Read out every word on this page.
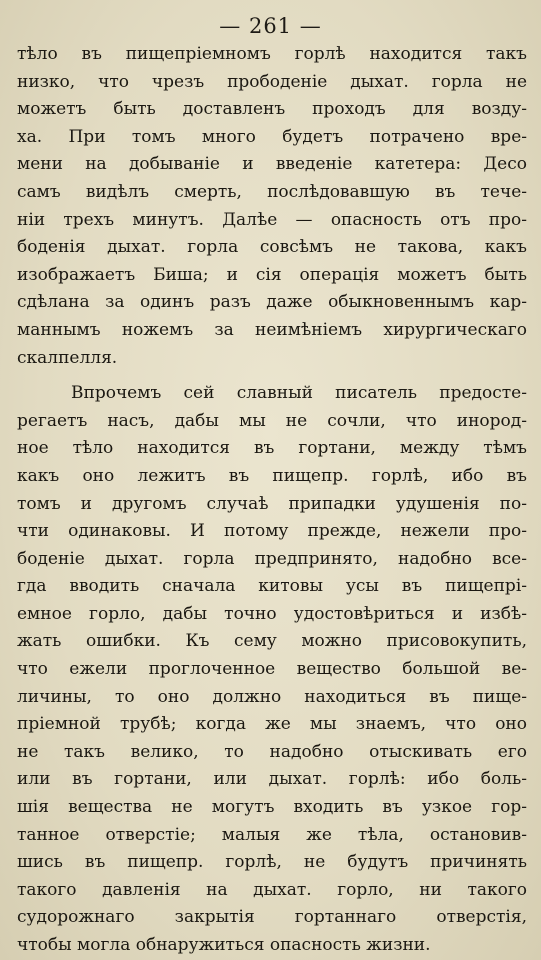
— 261 —
тѣло въ пищепріемномъ горлѣ находится такъ
низко, что чрезъ прободеніе дыхат. горла не
можетъ быть доставленъ проходъ для возду-
ха. При томъ много будетъ потрачено вре-
мени на добываніе и введеніе катетера: Десо
самъ видѣлъ смерть, послѣдовавшую въ тече-
ніи трехъ минутъ. Далѣе — опасность отъ про-
боденія дыхат. горла совсѣмъ не такова, какъ
изображаетъ Биша; и сія операція можетъ быть
сдѣлана за одинъ разъ даже обыкновеннымъ кар-
маннымъ ножемъ за неимѣніемъ хирургическаго
скалпелля.
Впрочемъ сей славный писатель предосте-
регаетъ насъ, дабы мы не сочли, что инород-
ное тѣло находится въ гортани, между тѣмъ
какъ оно лежитъ въ пищепр. горлѣ, ибо въ
томъ и другомъ случаѣ припадки удушенія по-
чти одинаковы. И потому прежде, нежели про-
боденіе дыхат. горла предпринято, надобно все-
гда вводить сначала китовы усы въ пищепрі-
емное горло, дабы точно удостовѣриться и избѣ-
жать ошибки. Къ сему можно присовокупить,
что ежели проглоченное вещество большой ве-
личины, то оно должно находиться въ пище-
пріемной трубѣ; когда же мы знаемъ, что оно
не такъ велико, то надобно отыскивать его
или въ гортани, или дыхат. горлѣ: ибо боль-
шія вещества не могутъ входить въ узкое гор-
танное отверстіе; малыя же тѣла, остановив-
шись въ пищепр. горлѣ, не будутъ причинять
такого давленія на дыхат. горло, ни такого
судорожнаго закрытія гортаннаго отверстія,
чтобы могла обнаружиться опасность жизни.
